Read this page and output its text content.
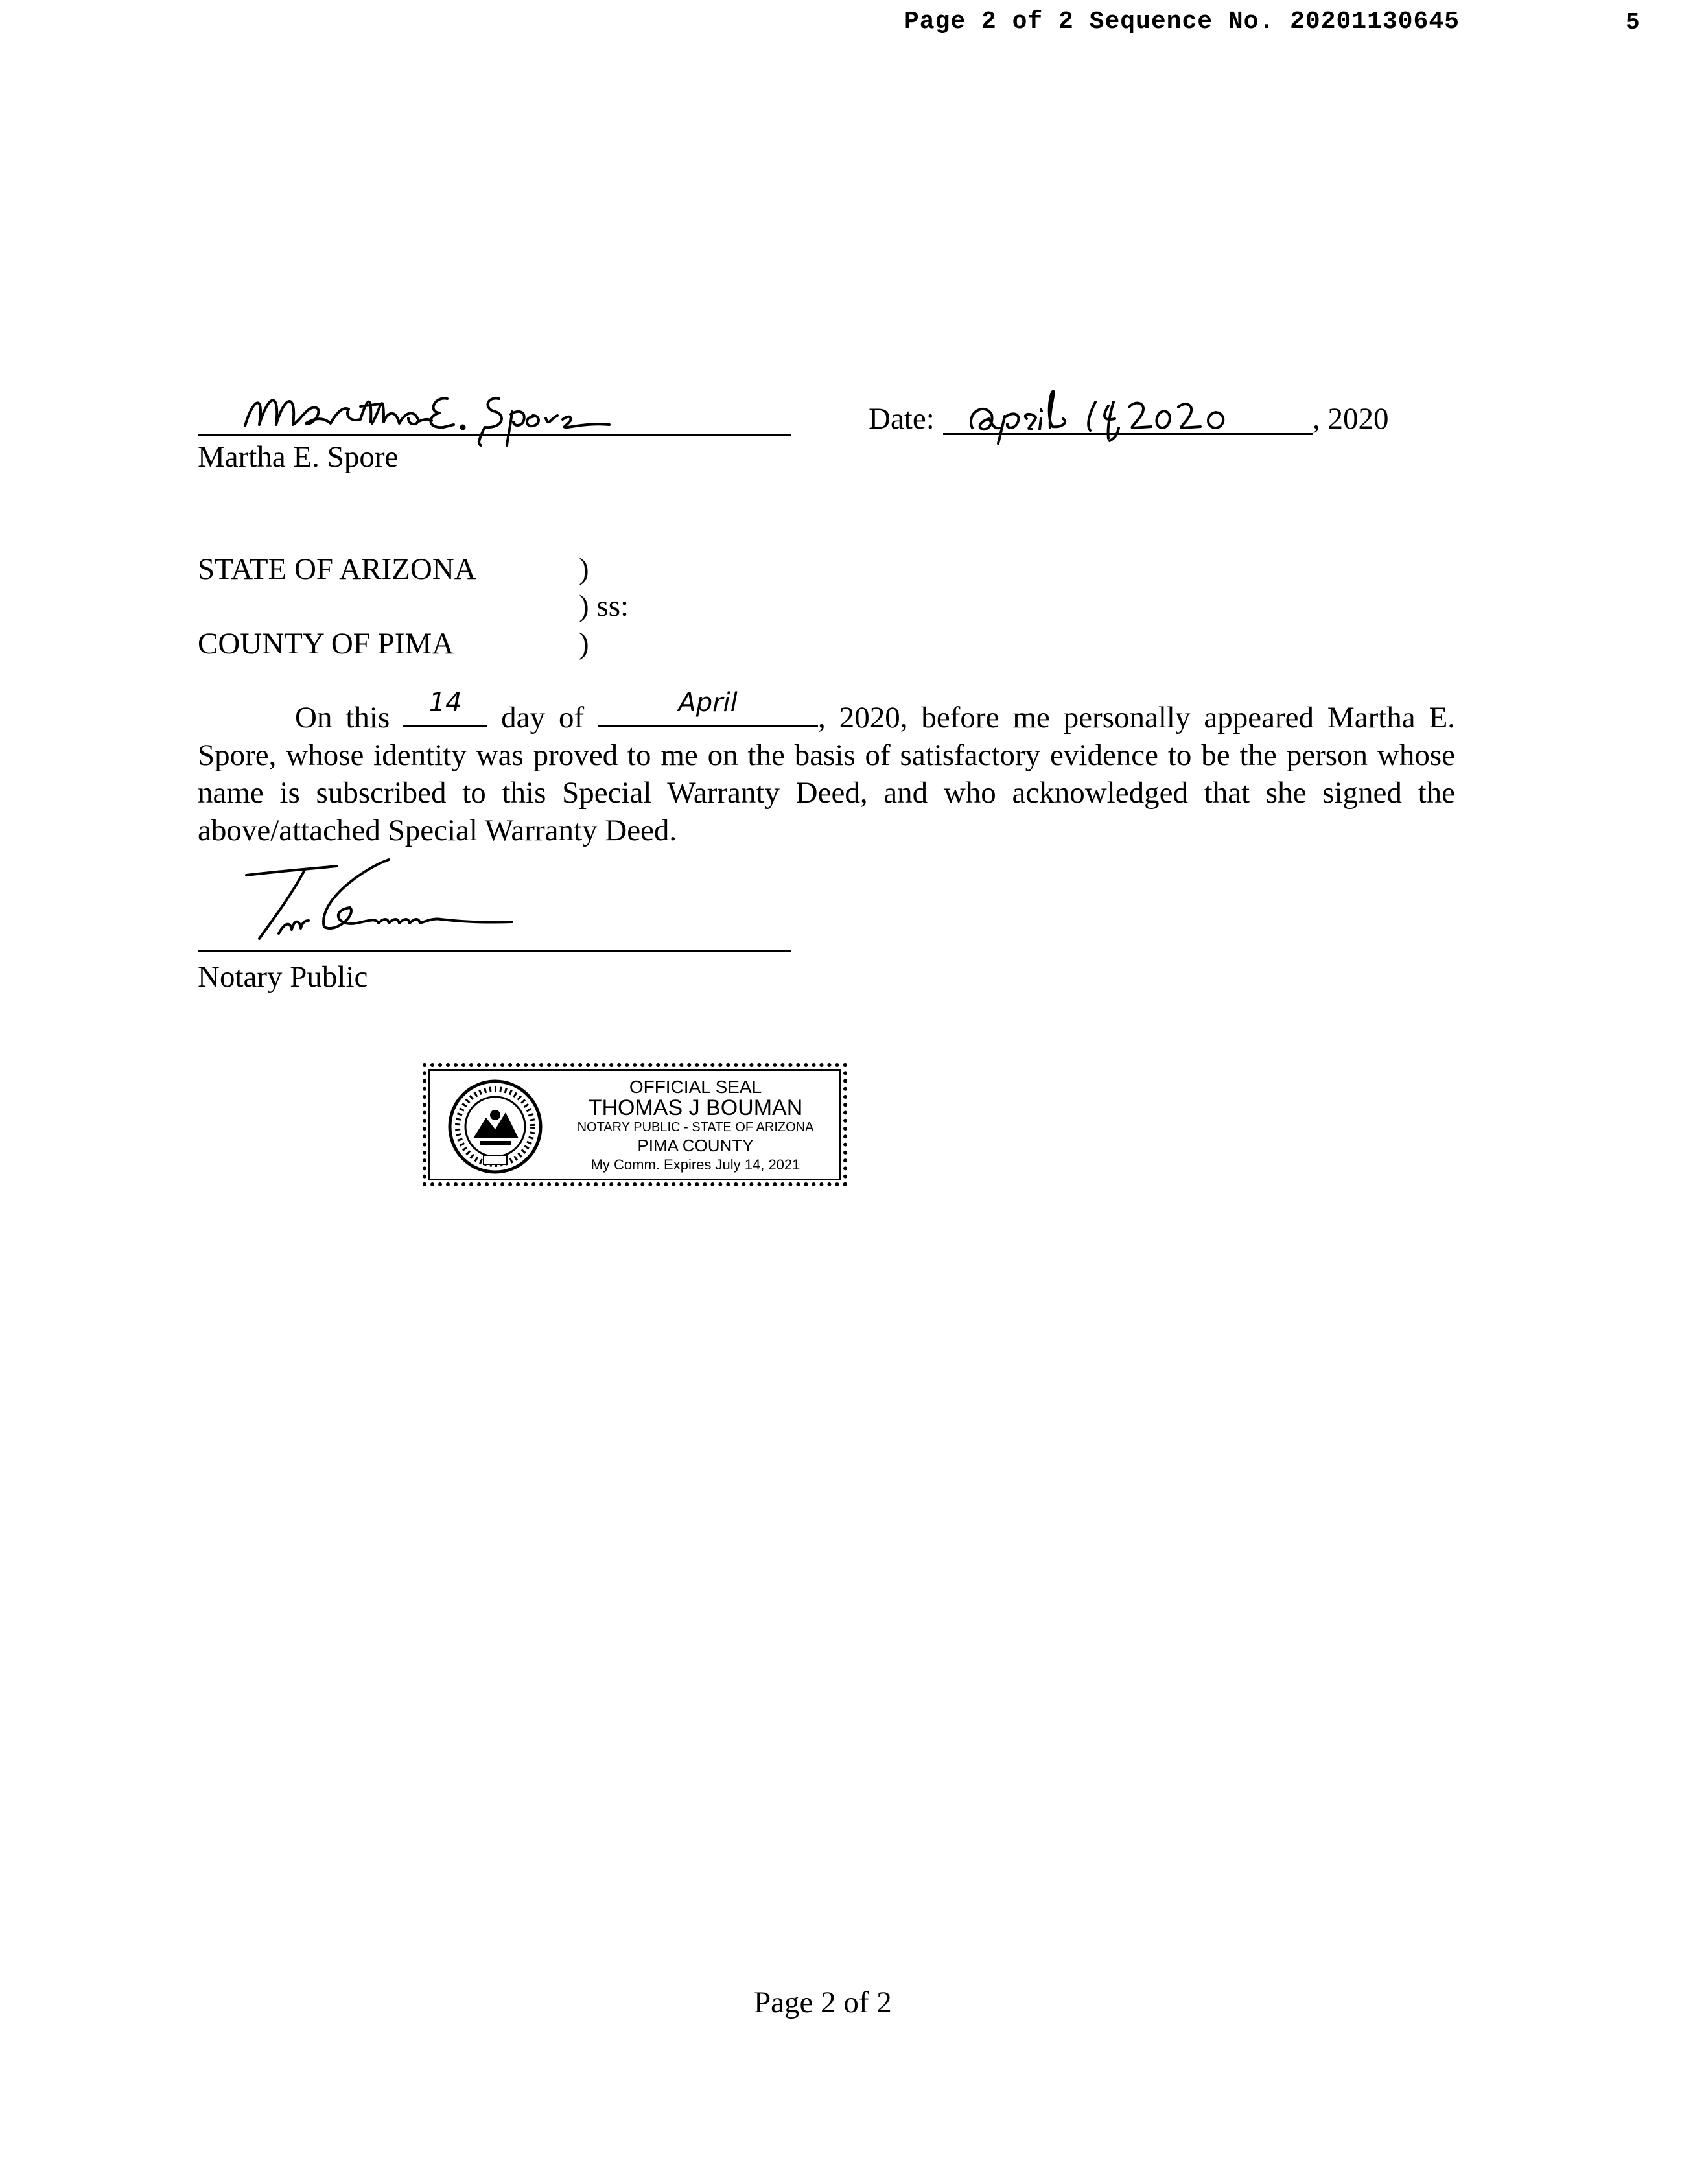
Page 2 of 2 Sequence No. 20201130645	5
Martha E. Spore
Date:	, 2020
STATE OF ARIZONA	)
) ss:
COUNTY OF PIMA	)
On this	14	day of	April	, 2020, before me personally appeared Martha E. Spore, whose identity was proved to me on the basis of satisfactory evidence to be the person whose name is subscribed to this Special Warranty Deed, and who acknowledged that she signed the above/attached Special Warranty Deed.
Notary Public
OFFICIAL SEAL
THOMAS J BOUMAN
NOTARY PUBLIC - STATE OF ARIZONA
PIMA COUNTY
My Comm. Expires July 14, 2021
Page 2 of 2
